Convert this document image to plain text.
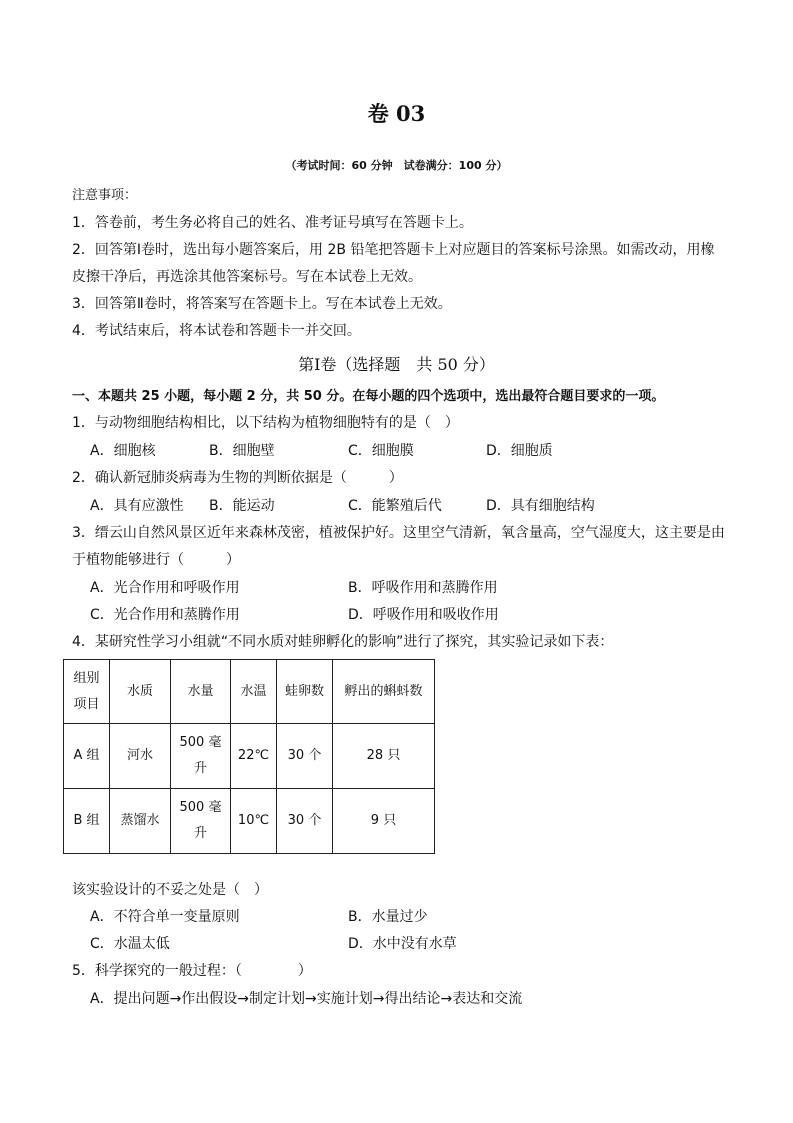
卷 03
（考试时间：60 分钟　试卷满分：100 分）
注意事项：
1．答卷前，考生务必将自己的姓名、准考证号填写在答题卡上。
2．回答第Ⅰ卷时，选出每小题答案后，用 2B 铅笔把答题卡上对应题目的答案标号涂黑。如需改动，用橡
皮擦干净后，再选涂其他答案标号。写在本试卷上无效。
3．回答第Ⅱ卷时，将答案写在答题卡上。写在本试卷上无效。
4．考试结束后，将本试卷和答题卡一并交回。
第Ⅰ卷（选择题　共 50 分）
一、本题共 25 小题，每小题 2 分，共 50 分。在每小题的四个选项中，选出最符合题目要求的一项。
1．与动物细胞结构相比，以下结构为植物细胞特有的是（　）
A．细胞核	B．细胞壁	C．细胞膜	D．细胞质
2．确认新冠肺炎病毒为生物的判断依据是（　　　）
A．具有应激性 B．能运动	C．能繁殖后代	D．具有细胞结构
3．缙云山自然风景区近年来森林茂密，植被保护好。这里空气清新，氧含量高，空气湿度大，这主要是由
于植物能够进行（　　　）
A．光合作用和呼吸作用	B．呼吸作用和蒸腾作用
C．光合作用和蒸腾作用	D．呼吸作用和吸收作用
4．某研究性学习小组就“不同水质对蛙卵孵化的影响”进行了探究，其实验记录如下表：
组别
项目	水质	水量	水温	蛙卵数	孵出的蝌蚪数
A 组	河水	500 毫
升	22℃	30 个	28 只
B 组	蒸馏水	500 毫
升	10℃	30 个	9 只
该实验设计的不妥之处是（　）
A．不符合单一变量原则	B．水量过少
C．水温太低	D．水中没有水草
5．科学探究的一般过程：（　　　　）
A．提出问题→作出假设→制定计划→实施计划→得出结论→表达和交流
